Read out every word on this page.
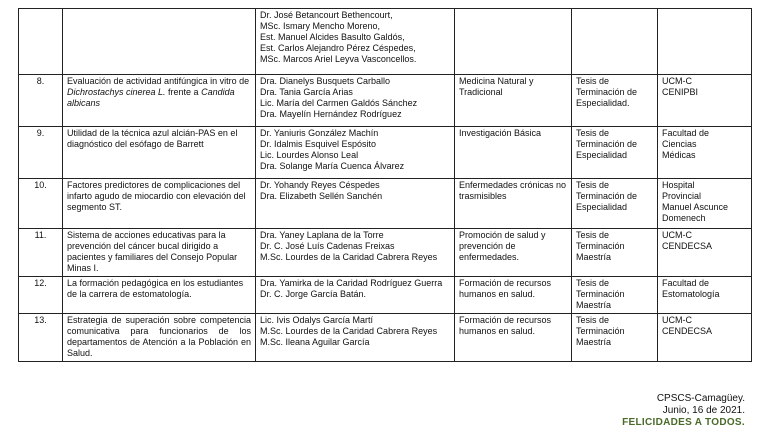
		Dr. José Betancourt Bethencourt,
MSc. Ismary Mencho Moreno,
Est. Manuel Alcides Basulto Galdós,
Est. Carlos Alejandro Pérez Céspedes,
MSc. Marcos Ariel Leyva Vasconcellos.			

8.	Evaluación de actividad antifúngica in vitro de Dichrostachys cinerea L. frente a Candida albicans	Dra. Dianelys Busquets Carballo
Dra. Tania García Arias
Lic. María del Carmen Galdós Sánchez
Dra. Mayelín Hernández Rodríguez	Medicina Natural y Tradicional	Tesis de
Terminación de
Especialidad.	UCM-C
CENIPBI

9.	Utilidad de la técnica azul alcián-PAS en el diagnóstico del esófago de Barrett	Dr. Yaniuris González Machín
Dr. Idalmis Esquivel Espósito
Lic. Lourdes Alonso Leal
Dra. Solange María Cuenca Álvarez	Investigación Básica	Tesis de
Terminación de
Especialidad	Facultad de
Ciencias
Médicas

10.	Factores predictores de complicaciones del infarto agudo de miocardio con elevación del segmento ST.	Dr. Yohandy Reyes Céspedes
Dra. Elizabeth Sellén Sanchén	Enfermedades crónicas no trasmisibles	Tesis de
Terminación de
Especialidad	Hospital
Provincial
Manuel Ascunce
Domenech

11.	Sistema de acciones educativas para la prevención del cáncer bucal dirigido a pacientes y familiares del Consejo Popular Minas I.	Dra. Yaney Laplana de la Torre
Dr. C. José Luís Cadenas Freixas
M.Sc. Lourdes de la Caridad Cabrera Reyes	Promoción de salud y prevención de enfermedades.	Tesis de
Terminación
Maestría	UCM-C
CENDECSA

12.	La formación pedagógica en los estudiantes de la carrera de estomatología.	Dra. Yamirka de la Caridad Rodríguez Guerra
Dr. C. Jorge García Batán.	Formación de recursos humanos en salud.	Tesis de
Terminación
Maestría	Facultad de
Estomatología

13.	Estrategia de superación sobre competencia comunicativa para funcionarios de los departamentos de Atención a la Población en Salud.	Lic. Ivis Odalys García Martí
M.Sc. Lourdes de la Caridad Cabrera Reyes
M.Sc. Ileana Aguilar García	Formación de recursos humanos en salud.	Tesis de
Terminación
Maestría	UCM-C
CENDECSA
CPSCS-Camagüey.
Junio, 16 de 2021.
FELICIDADES A TODOS.
